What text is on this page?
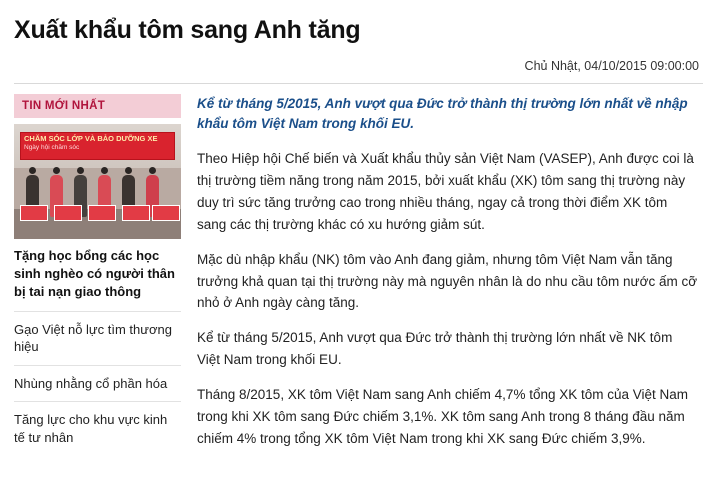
Xuất khẩu tôm sang Anh tăng
Chủ Nhật, 04/10/2015 09:00:00
TIN MỚI NHẤT
CHĂM SÓC LỚP VÀ BẢO DƯỠNG XE
Ngày hội chăm sóc
Tặng học bổng các học sinh nghèo có người thân bị tai nạn giao thông
Gạo Việt nỗ lực tìm thương hiệu
Nhùng nhằng cổ phần hóa
Tăng lực cho khu vực kinh tế tư nhân

Kể từ tháng 5/2015, Anh vượt qua Đức trở thành thị trường lớn nhất về nhập khẩu tôm Việt Nam trong khối EU.

Theo Hiệp hội Chế biến và Xuất khẩu thủy sản Việt Nam (VASEP), Anh được coi là thị trường tiềm năng trong năm 2015, bởi xuất khẩu (XK) tôm sang thị trường này duy trì sức tăng trưởng cao trong nhiều tháng, ngay cả trong thời điểm XK tôm sang các thị trường khác có xu hướng giảm sút.

Mặc dù nhập khẩu (NK) tôm vào Anh đang giảm, nhưng tôm Việt Nam vẫn tăng trưởng khả quan tại thị trường này mà nguyên nhân là do nhu cầu tôm nước ấm cỡ nhỏ ở Anh ngày càng tăng.

Kể từ tháng 5/2015, Anh vượt qua Đức trở thành thị trường lớn nhất về NK tôm Việt Nam trong khối EU.

Tháng 8/2015, XK tôm Việt Nam sang Anh chiếm 4,7% tổng XK tôm của Việt Nam trong khi XK tôm sang Đức chiếm 3,1%. XK tôm sang Anh trong 8 tháng đầu năm chiếm 4% trong tổng XK tôm Việt Nam trong khi XK sang Đức chiếm 3,9%.
